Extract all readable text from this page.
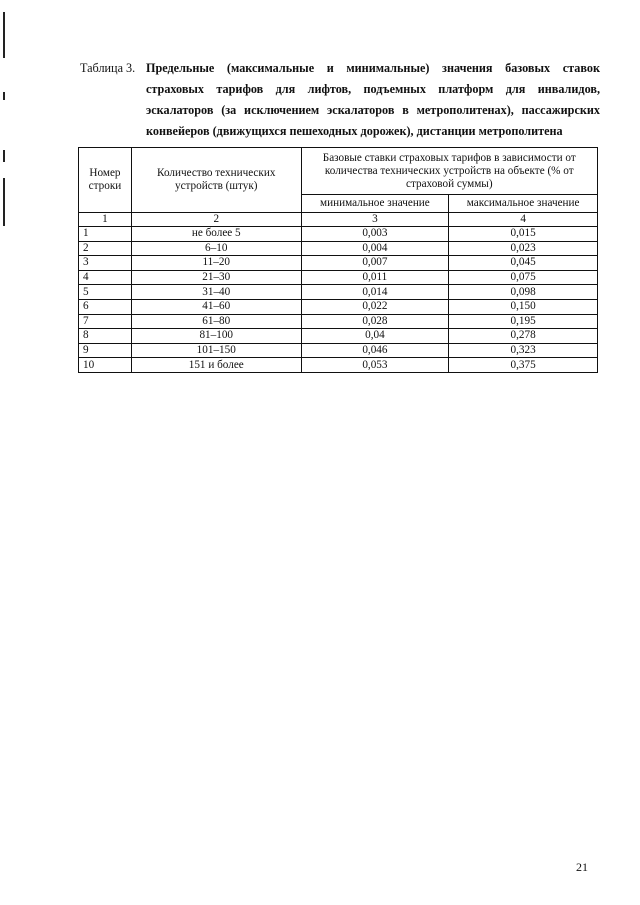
Таблица 3. Предельные (максимальные и минимальные) значения базовых ставок страховых тарифов для лифтов, подъемных платформ для инвалидов, эскалаторов (за исключением эскалаторов в метрополитенах), пассажирских
конвейеров (движущихся пешеходных дорожек), дистанции метрополитена
Номер строки	Количество технических устройств (штук)	Базовые ставки страховых тарифов в зависимости от количества технических устройств на объекте (% от страховой суммы)	
		минимальное значение	максимальное значение
1	2	3	4
1	не более 5	0,003	0,015
2	6–10	0,004	0,023
3	11–20	0,007	0,045
4	21–30	0,011	0,075
5	31–40	0,014	0,098
6	41–60	0,022	0,150
7	61–80	0,028	0,195
8	81–100	0,04	0,278
9	101–150	0,046	0,323
10	151 и более	0,053	0,375
21
